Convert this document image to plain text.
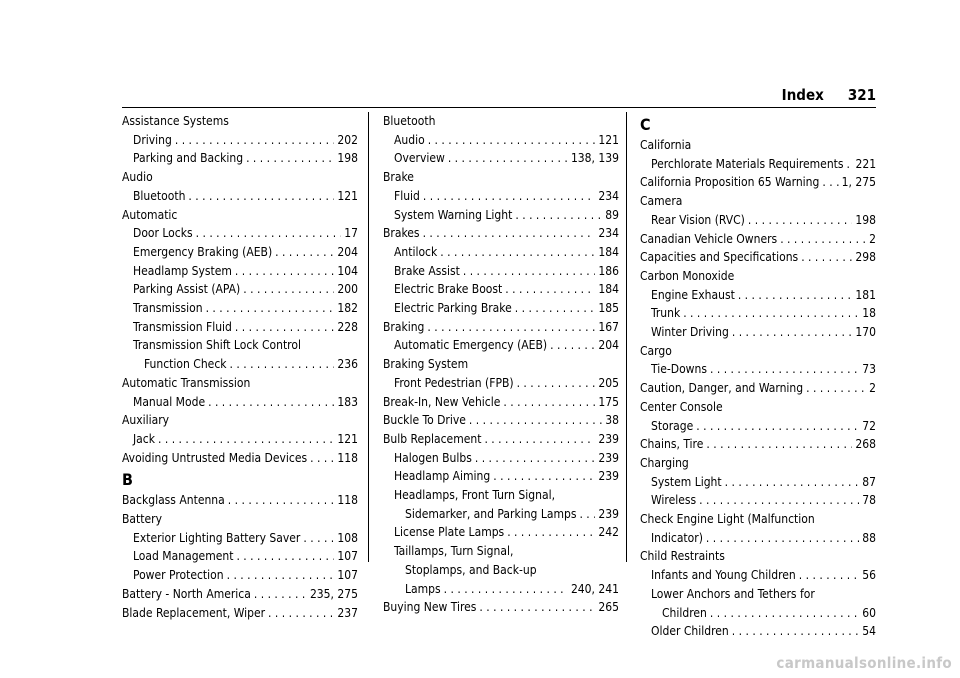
Index 321
Assistance Systems
Driving . . .	202
Parking and Backing . . .	198
Audio
Bluetooth . . .	121
Automatic
Door Locks . . .	17
Emergency Braking (AEB) . . .	204
Headlamp System . . .	104
Parking Assist (APA) . . .	200
Transmission . . .	182
Transmission Fluid . . .	228
Transmission Shift Lock Control
Function Check . . .	236
Automatic Transmission
Manual Mode . . .	183
Auxiliary
Jack . . .	121
Avoiding Untrusted Media Devices . . .	118
B
Backglass Antenna . . .	118
Battery
Exterior Lighting Battery Saver . . .	108
Load Management . . .	107
Power Protection . . .	107
Battery - North America . . .	235, 275
Blade Replacement, Wiper . . .	237
Bluetooth
Audio . . .	121
Overview . . .	138, 139
Brake
Fluid . . .	234
System Warning Light . . .	89
Brakes . . .	234
Antilock . . .	184
Brake Assist . . .	186
Electric Brake Boost . . .	184
Electric Parking Brake . . .	185
Braking . . .	167
Automatic Emergency (AEB) . . .	204
Braking System
Front Pedestrian (FPB) . . .	205
Break-In, New Vehicle . . .	175
Buckle To Drive . . .	38
Bulb Replacement . . .	239
Halogen Bulbs . . .	239
Headlamp Aiming . . .	239
Headlamps, Front Turn Signal,
Sidemarker, and Parking Lamps . . . 239
License Plate Lamps . . .	242
Taillamps, Turn Signal,
Stoplamps, and Back-up
Lamps . . .	240, 241
Buying New Tires . . .	265
C
California
Perchlorate Materials Requirements . . . 221
California Proposition 65 Warning . . . 1, 275
Camera
Rear Vision (RVC) . . .	198
Canadian Vehicle Owners . . .	2
Capacities and Specifications . . .	298
Carbon Monoxide
Engine Exhaust . . .	181
Trunk . . .	18
Winter Driving . . .	170
Cargo
Tie-Downs . . .	73
Caution, Danger, and Warning . . .	2
Center Console
Storage . . .	72
Chains, Tire . . .	268
Charging
System Light . . .	87
Wireless . . .	78
Check Engine Light (Malfunction
Indicator) . . .	88
Child Restraints
Infants and Young Children . . .	56
Lower Anchors and Tethers for
Children . . .	60
Older Children . . .	54
carmanualsonline.info
